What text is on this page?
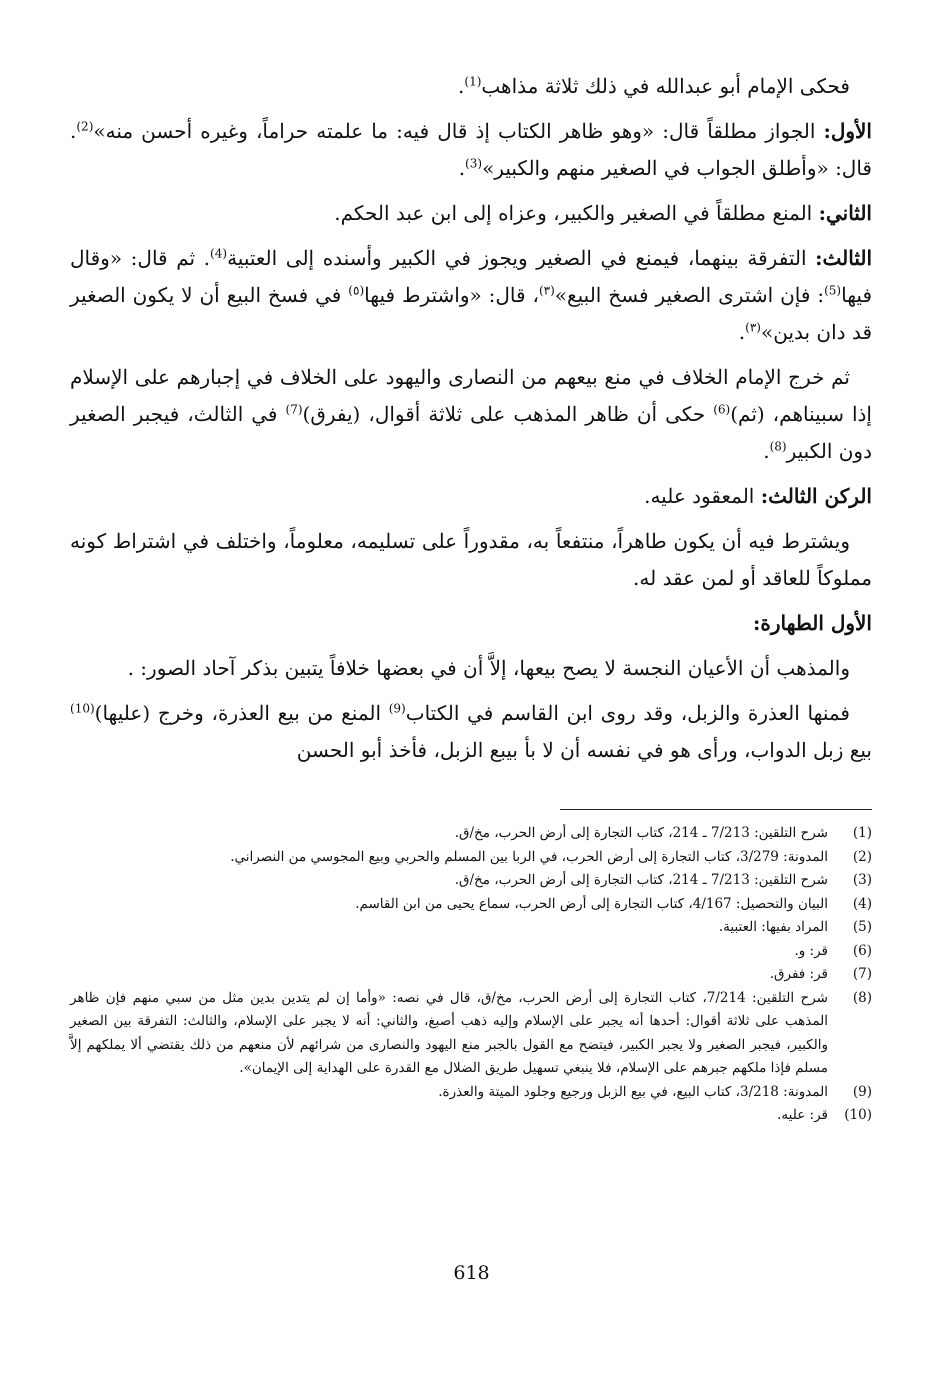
فحكى الإمام أبو عبدالله في ذلك ثلاثة مذاهب$^{(1)}$.

الأول: الجواز مطلقاً قال: «وهو ظاهر الكتاب إذ قال فيه: ما علمته حراماً، وغيره أحسن منه»$^{(2)}$. قال: «وأطلق الجواب في الصغير منهم والكبير»$^{(3)}$.

الثاني: المنع مطلقاً في الصغير والكبير، وعزاه إلى ابن عبد الحكم.

الثالث: التفرقة بينهما، فيمنع في الصغير ويجوز في الكبير وأسنده إلى العتبية$^{(4)}$. ثم قال: «وقال فيها$^{(5)}$: فإن اشترى الصغير فسخ البيع»$^{(٣)}$، قال: «واشترط فيها$^{(٥)}$ في فسخ البيع أن لا يكون الصغير قد دان بدين»$^{(٣)}$.

ثم خرج الإمام الخلاف في منع بيعهم من النصارى واليهود على الخلاف في إجبارهم على الإسلام إذا سبيناهم، (ثم)$^{(6)}$ حكى أن ظاهر المذهب على ثلاثة أقوال، (يفرق)$^{(7)}$ في الثالث، فيجبر الصغير دون الكبير$^{(8)}$.

الركن الثالث: المعقود عليه.

ويشترط فيه أن يكون طاهراً، منتفعاً به، مقدوراً على تسليمه، معلوماً، واختلف في اشتراط كونه مملوكاً للعاقد أو لمن عقد له.

الأول الطهارة:

والمذهب أن الأعيان النجسة لا يصح بيعها، إلاَّ أن في بعضها خلافاً يتبين بذكر آحاد الصور: .

فمنها العذرة والزبل، وقد روى ابن القاسم في الكتاب$^{(9)}$ المنع من بيع العذرة، وخرج (عليها)$^{(10)}$ بيع زبل الدواب، ورأى هو في نفسه أن لا بأ بيبع الزبل، فأخذ أبو الحسن

(1)
شرح التلقين: 7/213 ـ 214، كتاب التجارة إلى أرض الحرب، مخ/ق.
(2)
المدونة: 3/279، كتاب التجارة إلى أرض الحرب، في الربا بين المسلم والحربي وبيع المجوسي من النصراني.
(3)
شرح التلقين: 7/213 ـ 214، كتاب التجارة إلى أرض الحرب، مخ/ق.
(4)
البيان والتحصيل: 4/167، كتاب التجارة إلى أرض الحرب، سماع يحيى من ابن القاسم.
(5)
المراد بفيها: العتبية.
(6)
قر: و.
(7)
قر: ففرق.
(8)
شرح التلقين: 7/214، كتاب التجارة إلى أرض الحرب، مخ/ق، قال في نصه: «وأما إن لم يتدين بدين مثل من سبي منهم فإن ظاهر المذهب على ثلاثة أقوال: أحدها أنه يجبر على الإسلام وإليه ذهب أصبغ، والثاني: أنه لا يجبر على الإسلام، والثالث: التفرقة بين الصغير والكبير، فيجبر الصغير ولا يجبر الكبير، فيتضح مع القول بالجبر منع اليهود والنصارى من شرائهم لأن منعهم من ذلك يقتضي ألا يملكهم إلاَّ مسلم فإذا ملكهم جبرهم على الإسلام، فلا ينبغي تسهيل طريق الضلال مع القدرة على الهداية إلى الإيمان».
(9)
المدونة: 3/218، كتاب البيع، في بيع الزبل ورجيع وجلود الميتة والعذرة.
(10)
قر: عليه.
618
